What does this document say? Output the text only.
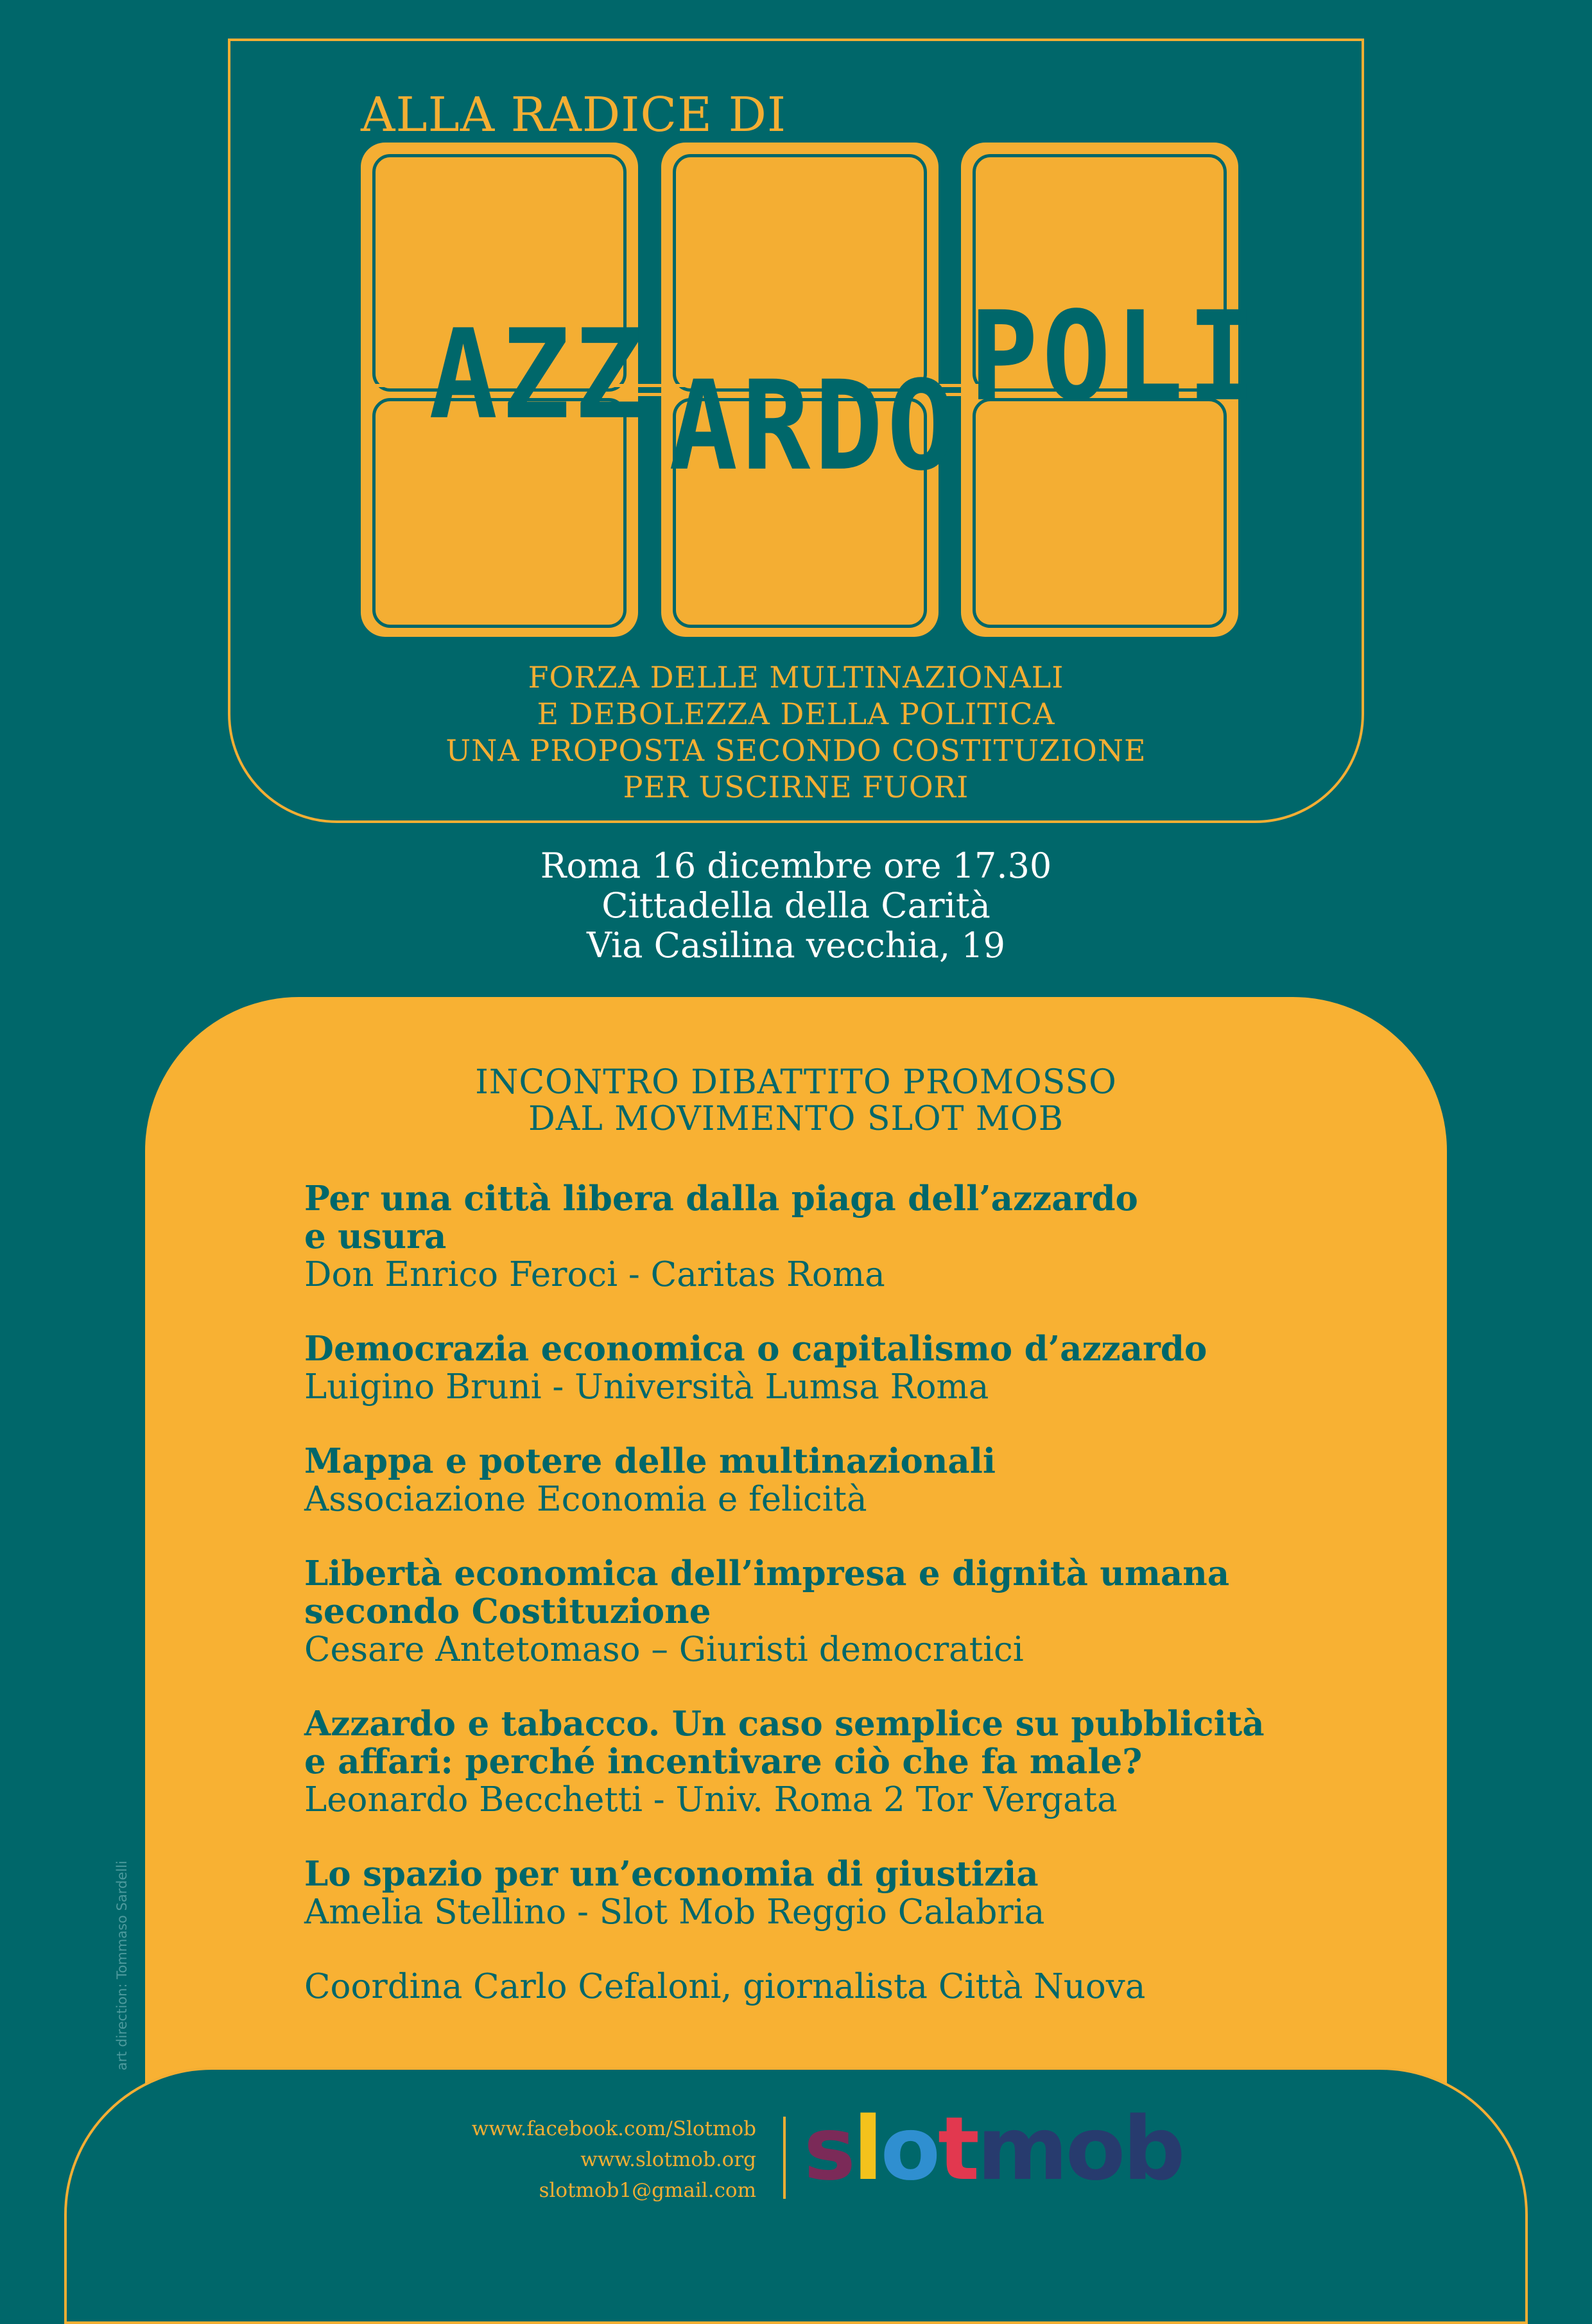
ALLA RADICE DI
AZZ ARDO POLI
FORZA DELLE MULTINAZIONALI
E DEBOLEZZA DELLA POLITICA
UNA PROPOSTA SECONDO COSTITUZIONE
PER USCIRNE FUORI
Roma 16 dicembre ore 17.30
Cittadella della Carità
Via Casilina vecchia, 19
INCONTRO DIBATTITO PROMOSSO
DAL MOVIMENTO SLOT MOB
Per una città libera dalla piaga dell’azzardo
e usura
Don Enrico Feroci - Caritas Roma
Democrazia economica o capitalismo d’azzardo
Luigino Bruni - Università Lumsa Roma
Mappa e potere delle multinazionali
Associazione Economia e felicità
Libertà economica dell’impresa e dignità umana
secondo Costituzione
Cesare Antetomaso – Giuristi democratici
Azzardo e tabacco. Un caso semplice su pubblicità
e affari: perché incentivare ciò che fa male?
Leonardo Becchetti - Univ. Roma 2 Tor Vergata
Lo spazio per un’economia di giustizia
Amelia Stellino - Slot Mob Reggio Calabria
Coordina Carlo Cefaloni, giornalista Città Nuova
www.facebook.com/Slotmob
www.slotmob.org
slotmob1@gmail.com slotmob
art direction: Tommaso Sardelli
